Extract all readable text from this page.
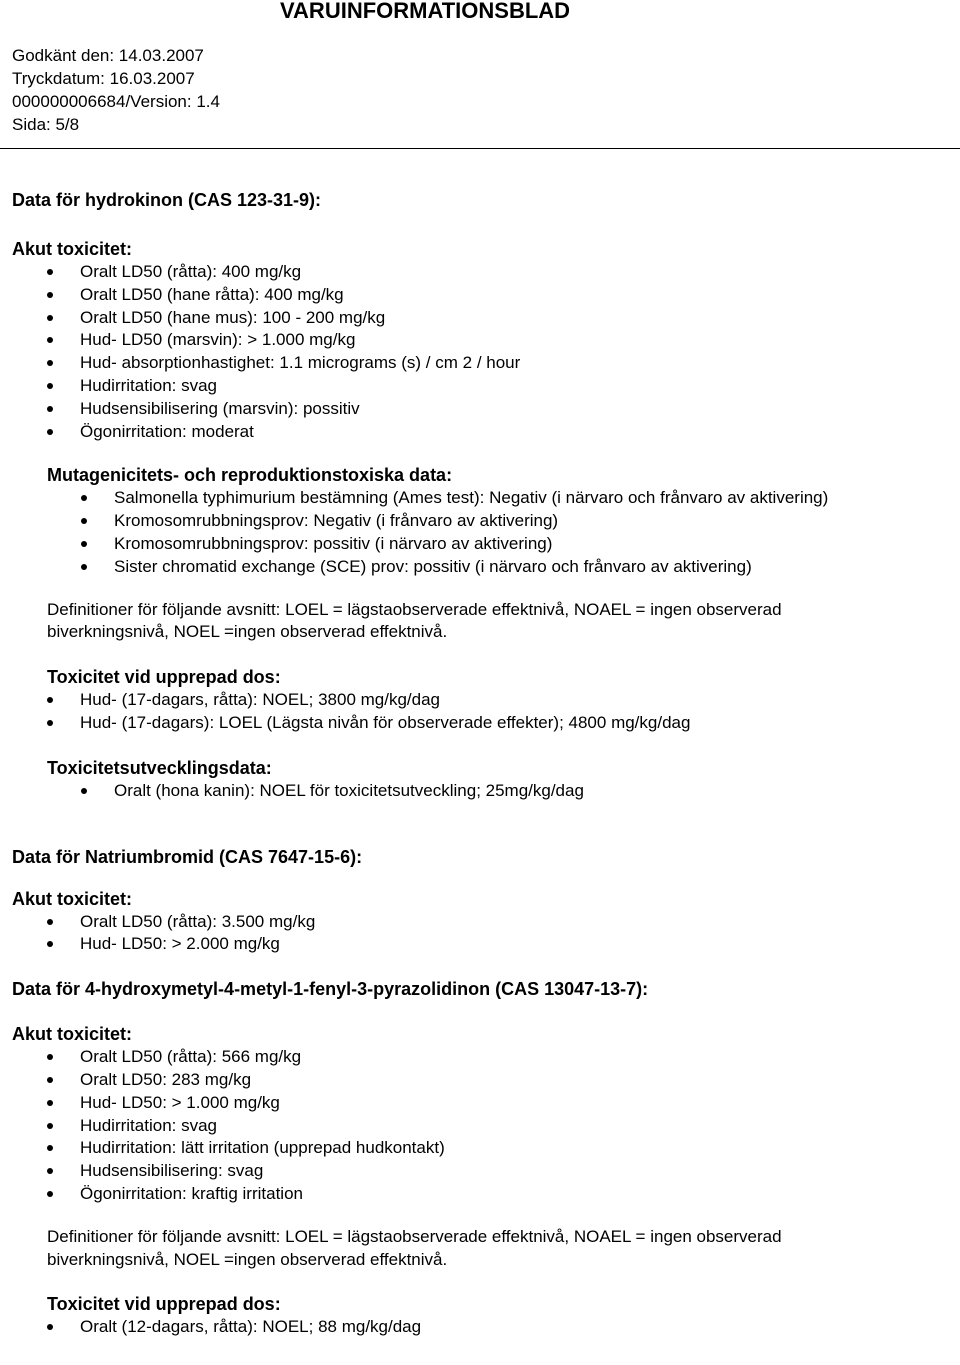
VARUINFORMATIONSBLAD
Godkänt den: 14.03.2007
Tryckdatum: 16.03.2007
000000006684/Version: 1.4
Sida: 5/8
Data för hydrokinon (CAS 123-31-9):
Akut toxicitet:
Oralt LD50 (råtta): 400 mg/kg
Oralt LD50 (hane råtta): 400 mg/kg
Oralt LD50 (hane mus): 100 - 200 mg/kg
Hud- LD50 (marsvin): > 1.000 mg/kg
Hud- absorptionhastighet: 1.1 micrograms (s) / cm 2 / hour
Hudirritation: svag
Hudsensibilisering (marsvin): possitiv
Ögonirritation: moderat
Mutagenicitets- och reproduktionstoxiska data:
Salmonella typhimurium bestämning (Ames test): Negativ (i närvaro och frånvaro av aktivering)
Kromosomrubbningsprov: Negativ (i frånvaro av aktivering)
Kromosomrubbningsprov: possitiv (i närvaro av aktivering)
Sister chromatid exchange (SCE) prov: possitiv (i närvaro och frånvaro av aktivering)

Definitioner för följande avsnitt: LOEL = lägstaobserverade effektnivå, NOAEL = ingen observerad biverkningsnivå, NOEL =ingen observerad effektnivå.

Toxicitet vid upprepad dos:
Hud- (17-dagars, råtta): NOEL; 3800 mg/kg/dag
Hud- (17-dagars): LOEL (Lägsta nivån för observerade effekter); 4800 mg/kg/dag
Toxicitetsutvecklingsdata:
Oralt (hona kanin): NOEL för toxicitetsutveckling; 25mg/kg/dag
Data för Natriumbromid (CAS 7647-15-6):
Akut toxicitet:
Oralt LD50 (råtta): 3.500 mg/kg
Hud- LD50: > 2.000 mg/kg
Data för 4-hydroxymetyl-4-metyl-1-fenyl-3-pyrazolidinon (CAS 13047-13-7):
Akut toxicitet:
Oralt LD50 (råtta): 566 mg/kg
Oralt LD50: 283 mg/kg
Hud- LD50: > 1.000 mg/kg
Hudirritation: svag
Hudirritation: lätt irritation (upprepad hudkontakt)
Hudsensibilisering: svag
Ögonirritation: kraftig irritation

Definitioner för följande avsnitt: LOEL = lägstaobserverade effektnivå, NOAEL = ingen observerad biverkningsnivå, NOEL =ingen observerad effektnivå.

Toxicitet vid upprepad dos:
Oralt (12-dagars, råtta): NOEL; 88 mg/kg/dag
